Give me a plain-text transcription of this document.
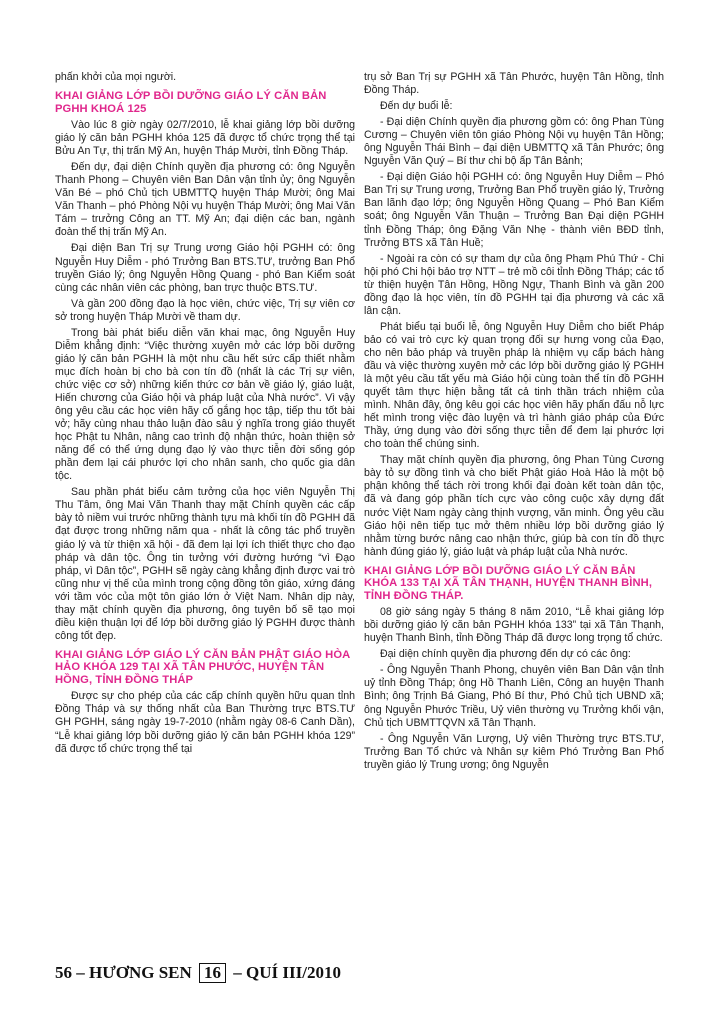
phấn khởi của mọi người.

KHAI GIẢNG LỚP BỒI DƯỠNG GIÁO LÝ CĂN BẢN PGHH KHOÁ 125

Vào lúc 8 giờ ngày 02/7/2010, lễ khai giảng lớp bồi dưỡng giáo lý căn bản PGHH khóa 125 đã được tổ chức trọng thể tại Bửu An Tự, thị trấn Mỹ An, huyện Tháp Mười, tỉnh Đồng Tháp.

Đến dự, đại diện Chính quyền địa phương có: ông Nguyễn Thanh Phong – Chuyên viên Ban Dân vận tỉnh ủy; ông Nguyễn Văn Bé – phó Chủ tịch UBMTTQ huyện Tháp Mười; ông Mai Văn Thanh – phó Phòng Nội vụ huyện Tháp Mười; ông Mai Văn Tám – trưởng Công an TT. Mỹ An; đại diện các ban, ngành đoàn thể thị trấn Mỹ An.

Đại diện Ban Trị sự Trung ương Giáo hội PGHH có: ông Nguyễn Huy Diễm - phó Trưởng Ban BTS.TƯ, trưởng Ban Phổ truyền Giáo lý; ông Nguyễn Hồng Quang - phó Ban Kiểm soát cùng các nhân viên các phòng, ban trực thuộc BTS.TƯ.

Và gần 200 đồng đạo là học viên, chức việc, Trị sự viên cơ sở trong huyện Tháp Mười về tham dự.

Trong bài phát biểu diễn văn khai mạc, ông Nguyễn Huy Diễm khẳng định: “Việc thường xuyên mở các lớp bồi dưỡng giáo lý căn bản PGHH là một nhu cầu hết sức cấp thiết nhằm mục đích hoàn bị cho bà con tín đồ (nhất là các Trị sự viên, chức việc cơ sở) những kiến thức cơ bản về giáo lý, giáo luật, Hiến chương của Giáo hội và pháp luật của Nhà nước”. Vì vậy ông yêu cầu các học viên hãy cố gắng học tập, tiếp thu tốt bài vở; hãy cùng nhau thảo luận đào sâu ý nghĩa trong giáo thuyết học Phật tu Nhân, nâng cao trình độ nhận thức, hoàn thiện sở năng để có thể ứng dụng đạo lý vào thực tiễn đời sống góp phần đem lại cái phước lợi cho nhân sanh, cho quốc gia dân tộc.

Sau phần phát biểu cảm tưởng của học viên Nguyễn Thị Thu Tâm, ông Mai Văn Thanh thay mặt Chính quyền các cấp bày tỏ niềm vui trước những thành tựu mà khối tín đồ PGHH đã đạt được trong những năm qua - nhất là công tác phổ truyền giáo lý và từ thiện xã hội - đã đem lại lợi ích thiết thực cho đạo pháp và dân tộc. Ông tin tưởng với đường hướng “vì Đạo pháp, vì Dân tộc”, PGHH sẽ ngày càng khẳng định được vai trò cũng như vị thế của mình trong cộng đồng tôn giáo, xứng đáng với tầm vóc của một tôn giáo lớn ở Việt Nam. Nhân dịp này, thay mặt chính quyền địa phương, ông tuyên bố sẽ tạo mọi điều kiện thuận lợi để lớp bồi dưỡng giáo lý PGHH được thành công tốt đẹp.

KHAI GIẢNG LỚP GIÁO LÝ CĂN BẢN PHẬT GIÁO HÒA HẢO KHÓA 129 TẠI XÃ TÂN PHƯỚC, HUYỆN TÂN HỒNG, TỈNH ĐỒNG THÁP

Được sự cho phép của các cấp chính quyền hữu quan tỉnh Đồng Tháp và sự thống nhất của Ban Thường trực BTS.TƯ GH PGHH, sáng ngày 19-7-2010 (nhằm ngày 08-6 Canh Dần), “Lễ khai giảng lớp bồi dưỡng giáo lý căn bản PGHH khóa 129” đã được tổ chức trọng thể tại

trụ sở Ban Trị sự PGHH xã Tân Phước, huyện Tân Hồng, tỉnh Đồng Tháp.

Đến dự buổi lễ:

- Đại diện Chính quyền địa phương gồm có: ông Phan Tùng Cương – Chuyên viên tôn giáo Phòng Nội vụ huyện Tân Hồng; ông Nguyễn Thái Bình – đại diện UBMTTQ xã Tân Phước; ông Nguyễn Văn Quý – Bí thư chi bộ ấp Tân Bảnh;

- Đại diện Giáo hội PGHH có: ông Nguyễn Huy Diễm – Phó Ban Trị sự Trung ương, Trưởng Ban Phổ truyền giáo lý, Trưởng Ban lãnh đạo lớp; ông Nguyễn Hồng Quang – Phó Ban Kiểm soát; ông Nguyễn Văn Thuận – Trưởng Ban Đại diện PGHH tỉnh Đồng Tháp; ông Đặng Văn Nhẹ - thành viên BĐD tỉnh, Trưởng BTS xã Tân Huề;

- Ngoài ra còn có sự tham dự của ông Phạm Phú Thứ - Chi hội phó Chi hội bảo trợ NTT – trẻ mồ côi tỉnh Đồng Tháp; các tổ từ thiện huyện Tân Hồng, Hồng Ngự, Thanh Bình và gần 200 đồng đạo là học viên, tín đồ PGHH tại địa phương và các xã lân cận.

Phát biểu tại buổi lễ, ông Nguyễn Huy Diễm cho biết Pháp bảo có vai trò cực kỳ quan trọng đối sự hưng vong của Đạo, cho nên bảo pháp và truyền pháp là nhiệm vụ cấp bách hàng đầu và việc thường xuyên mở các lớp bồi dưỡng giáo lý PGHH là một yêu cầu tất yếu mà Giáo hội cùng toàn thể tín đồ PGHH quyết tâm thực hiện bằng tất cả tinh thần trách nhiệm của mình. Nhân đây, ông kêu gọi các học viên hãy phấn đấu nỗ lực hết mình trong việc đào luyện và trì hành giáo pháp của Đức Thầy, ứng dụng vào đời sống thực tiễn để đem lại phước lợi cho toàn thể chúng sinh.

Thay mặt chính quyền địa phương, ông Phan Tùng Cương bày tỏ sự đồng tình và cho biết Phật giáo Hoà Hảo là một bộ phận không thể tách rời trong khối đại đoàn kết toàn dân tộc, đã và đang góp phần tích cực vào công cuộc xây dựng đất nước Việt Nam ngày càng thịnh vượng, văn minh. Ông yêu cầu Giáo hội nên tiếp tục mở thêm nhiều lớp bồi dưỡng giáo lý nhằm từng bước nâng cao nhận thức, giúp bà con tín đồ thực hành đúng giáo lý, giáo luật và pháp luật của Nhà nước.

KHAI GIẢNG LỚP BỒI DƯỠNG GIÁO LÝ CĂN BẢN KHÓA 133 TẠI XÃ TÂN THẠNH, HUYỆN THANH BÌNH, TỈNH ĐỒNG THÁP.

08 giờ sáng ngày 5 tháng 8 năm 2010, “Lễ khai giảng lớp bồi dưỡng giáo lý căn bản PGHH khóa 133” tại xã Tân Thạnh, huyện Thanh Bình, tỉnh Đồng Tháp đã được long trọng tổ chức.

Đại diện chính quyền địa phương đến dự có các ông:

- Ông Nguyễn Thanh Phong, chuyên viên Ban Dân vận tỉnh uỷ tỉnh Đồng Tháp; ông Hồ Thanh Liên, Công an huyện Thanh Bình; ông Trịnh Bá Giang, Phó Bí thư, Phó Chủ tịch UBND xã; ông Nguyễn Phước Triều, Uỷ viên thường vụ Trưởng khối vận, Chủ tịch UBMTTQVN xã Tân Thạnh.

- Ông Nguyễn Văn Lượng, Uỷ viên Thường trực BTS.TƯ, Trưởng Ban Tổ chức và Nhân sự kiêm Phó Trưởng Ban Phổ truyền giáo lý Trung ương; ông Nguyễn

56 – HƯƠNG SEN 16 – QUÍ III/2010
